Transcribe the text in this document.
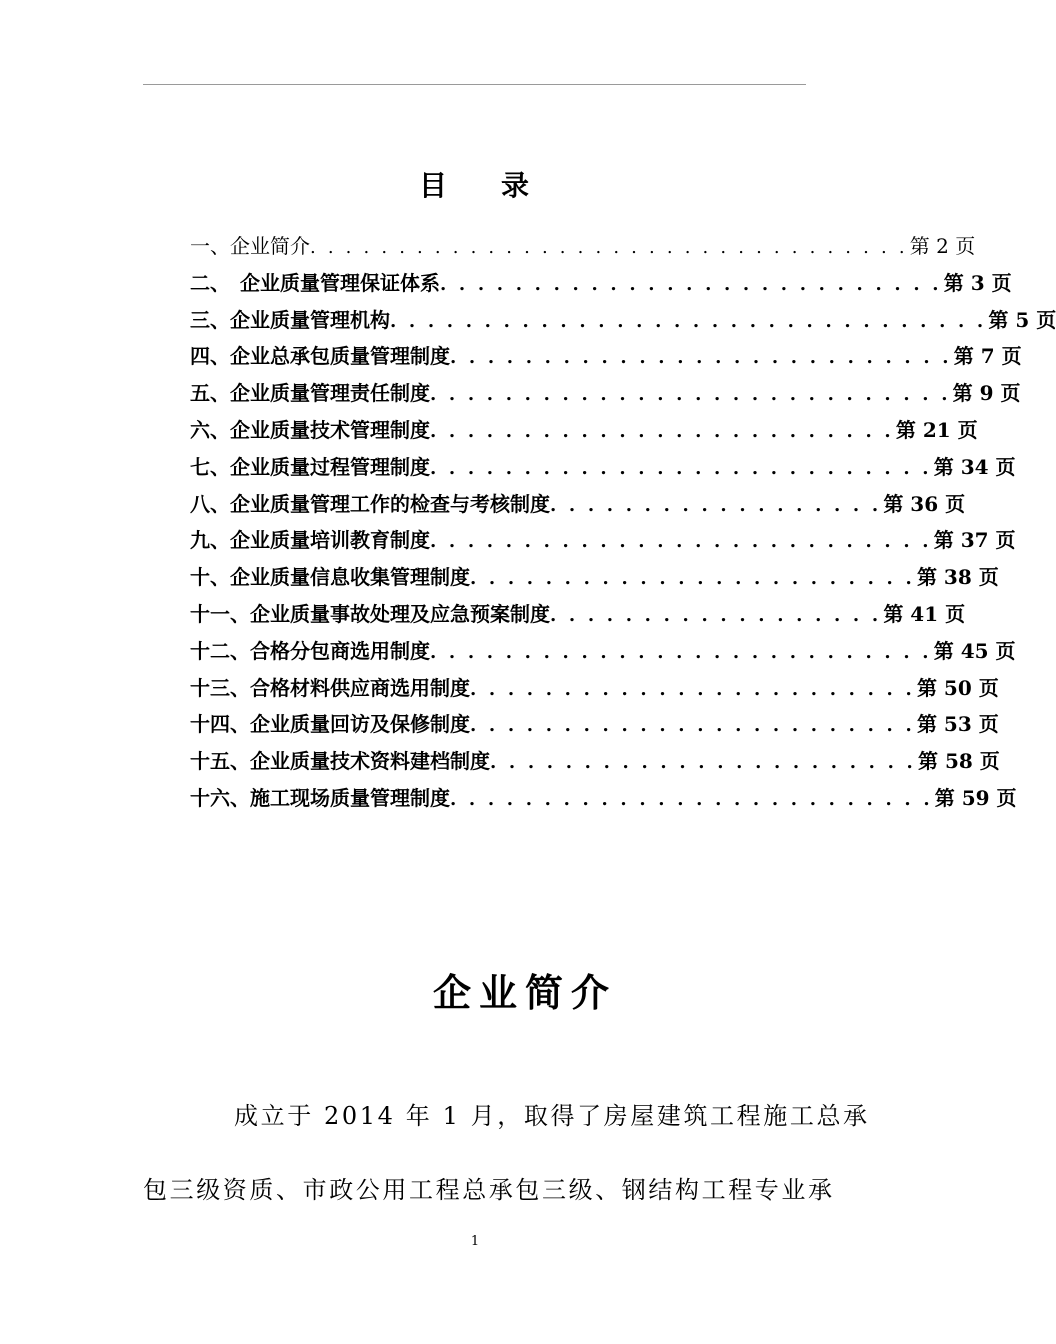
目 录
一、企业简介 . . . . . . . . . . . . . . . . . . . . . . . . . . . . . . . . . . 第 2 页
二、　企业质量管理保证体系 . . . . . . . . . . . . . . . . . . . . . . . . . . . 第 3 页
三、企业质量管理机构 . . . . . . . . . . . . . . . . . . . . . . . . . . . . . . . . 第 5 页
四、企业总承包质量管理制度 . . . . . . . . . . . . . . . . . . . . . . . . . . . 第 7 页
五、企业质量管理责任制度 . . . . . . . . . . . . . . . . . . . . . . . . . . . . 第 9 页
六、企业质量技术管理制度 . . . . . . . . . . . . . . . . . . . . . . . . . 第 21 页
七、企业质量过程管理制度 . . . . . . . . . . . . . . . . . . . . . . . . . . . 第 34 页
八、企业质量管理工作的检查与考核制度 . . . . . . . . . . . . . . . . . . 第 36 页
九、企业质量培训教育制度 . . . . . . . . . . . . . . . . . . . . . . . . . . . 第 37 页
十、企业质量信息收集管理制度 . . . . . . . . . . . . . . . . . . . . . . . . 第 38 页
十一、企业质量事故处理及应急预案制度 . . . . . . . . . . . . . . . . . . 第 41 页
十二、合格分包商选用制度 . . . . . . . . . . . . . . . . . . . . . . . . . . . 第 45 页
十三、合格材料供应商选用制度 . . . . . . . . . . . . . . . . . . . . . . . . 第 50 页
十四、企业质量回访及保修制度 . . . . . . . . . . . . . . . . . . . . . . . . 第 53 页
十五、企业质量技术资料建档制度 . . . . . . . . . . . . . . . . . . . . . . . 第 58 页
十六、施工现场质量管理制度 . . . . . . . . . . . . . . . . . . . . . . . . . . 第 59 页
企业简介
成立于 2014 年 1 月，取得了房屋建筑工程施工总承
包三级资质、市政公用工程总承包三级、钢结构工程专业承
1
